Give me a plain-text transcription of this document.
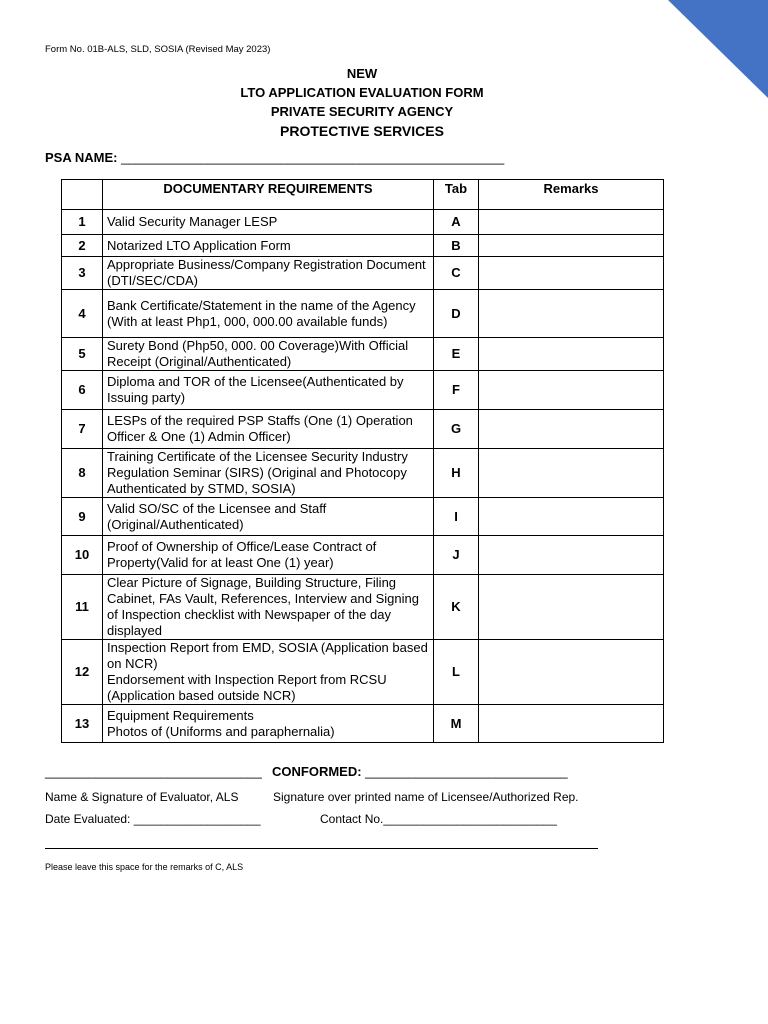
Form No. 01B-ALS, SLD, SOSIA (Revised May 2023)
NEW
LTO APPLICATION EVALUATION FORM
PRIVATE SECURITY AGENCY
PROTECTIVE SERVICES
PSA NAME: _____________________________________________________
	DOCUMENTARY REQUIREMENTS	Tab	Remarks
1	Valid Security Manager LESP	A	
2	Notarized LTO Application Form	B	
3	Appropriate Business/Company Registration Document (DTI/SEC/CDA)	C	
4	Bank Certificate/Statement in the name of the Agency (With at least Php1, 000, 000.00 available funds)	D	
5	Surety Bond (Php50, 000. 00 Coverage)With Official Receipt (Original/Authenticated)	E	
6	Diploma and TOR of the Licensee(Authenticated by Issuing party)	F	
7	LESPs of the required PSP Staffs (One (1) Operation Officer & One (1) Admin Officer)	G	
8	Training Certificate of the Licensee Security Industry Regulation Seminar (SIRS) (Original and Photocopy Authenticated by STMD, SOSIA)	H	
9	Valid SO/SC of the Licensee and Staff (Original/Authenticated)	I	
10	Proof of Ownership of Office/Lease Contract of Property(Valid for at least One (1) year)	J	
11	Clear Picture of Signage, Building Structure, Filing Cabinet, FAs Vault, References, Interview and Signing of Inspection checklist with Newspaper of the day displayed	K	
12	Inspection Report from EMD, SOSIA (Application based on NCR)
Endorsement with Inspection Report from RCSU (Application based outside NCR)	L	
13	Equipment Requirements
Photos of (Uniforms and paraphernalia)	M	
______________________________ CONFORMED: ____________________________
Name & Signature of Evaluator, ALS	Signature over printed name of Licensee/Authorized Rep.
Date Evaluated: ___________________	Contact No.__________________________
Please leave this space for the remarks of C, ALS
